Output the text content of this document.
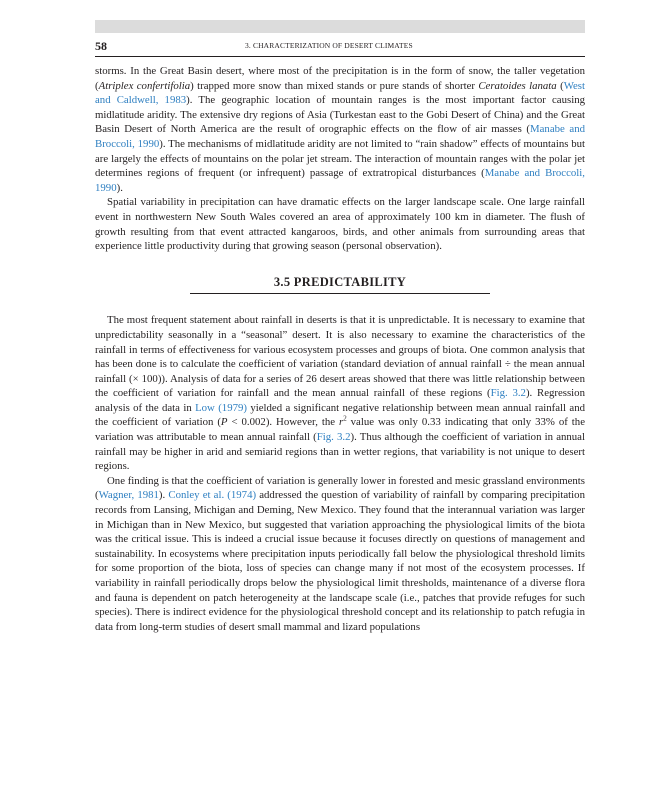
58	3. CHARACTERIZATION OF DESERT CLIMATES

storms. In the Great Basin desert, where most of the precipitation is in the form of snow, the taller vegetation (Atriplex confertifolia) trapped more snow than mixed stands or pure stands of shorter Ceratoides lanata (West and Caldwell, 1983). The geographic location of mountain ranges is the most important factor causing midlatitude aridity. The extensive dry regions of Asia (Turkestan east to the Gobi Desert of China) and the Great Basin Desert of North America are the result of orographic effects on the flow of air masses (Manabe and Broccoli, 1990). The mechanisms of midlatitude aridity are not limited to “rain shadow” effects of mountains but are largely the effects of mountains on the polar jet stream. The interaction of mountain ranges with the polar jet determines regions of frequent (or infrequent) passage of extratropical disturbances (Manabe and Broccoli, 1990).

Spatial variability in precipitation can have dramatic effects on the larger landscape scale. One large rainfall event in northwestern New South Wales covered an area of approximately 100 km in diameter. The flush of growth resulting from that event attracted kangaroos, birds, and other animals from surrounding areas that experience little productivity during that growing season (personal observation).

3.5 PREDICTABILITY

The most frequent statement about rainfall in deserts is that it is unpredictable. It is necessary to examine that unpredictability seasonally in a “seasonal” desert. It is also necessary to examine the characteristics of the rainfall in terms of effectiveness for various ecosystem processes and groups of biota. One common analysis that has been done is to calculate the coefficient of variation (standard deviation of annual rainfall ÷ the mean annual rainfall (× 100)). Analysis of data for a series of 26 desert areas showed that there was little relationship between the coefficient of variation for rainfall and the mean annual rainfall of these regions (Fig. 3.2). Regression analysis of the data in Low (1979) yielded a significant negative relationship between mean annual rainfall and the coefficient of variation (P < 0.002). However, the $r^2$ value was only 0.33 indicating that only 33% of the variation was attributable to mean annual rainfall (Fig. 3.2). Thus although the coefficient of variation in annual rainfall may be higher in arid and semiarid regions than in wetter regions, that variability is not unique to desert regions.

One finding is that the coefficient of variation is generally lower in forested and mesic grassland environments (Wagner, 1981). Conley et al. (1974) addressed the question of variability of rainfall by comparing precipitation records from Lansing, Michigan and Deming, New Mexico. They found that the interannual variation was larger in Michigan than in New Mexico, but suggested that variation approaching the physiological limits of the biota was the critical issue. This is indeed a crucial issue because it focuses directly on questions of management and sustainability. In ecosystems where precipitation inputs periodically fall below the physiological threshold limits for some proportion of the biota, loss of species can change many if not most of the ecosystem processes. If variability in rainfall periodically drops below the physiological limit thresholds, maintenance of a diverse flora and fauna is dependent on patch heterogeneity at the landscape scale (i.e., patches that provide refuges for such species). There is indirect evidence for the physiological threshold concept and its relationship to patch refugia in data from long-term studies of desert small mammal and lizard populations
